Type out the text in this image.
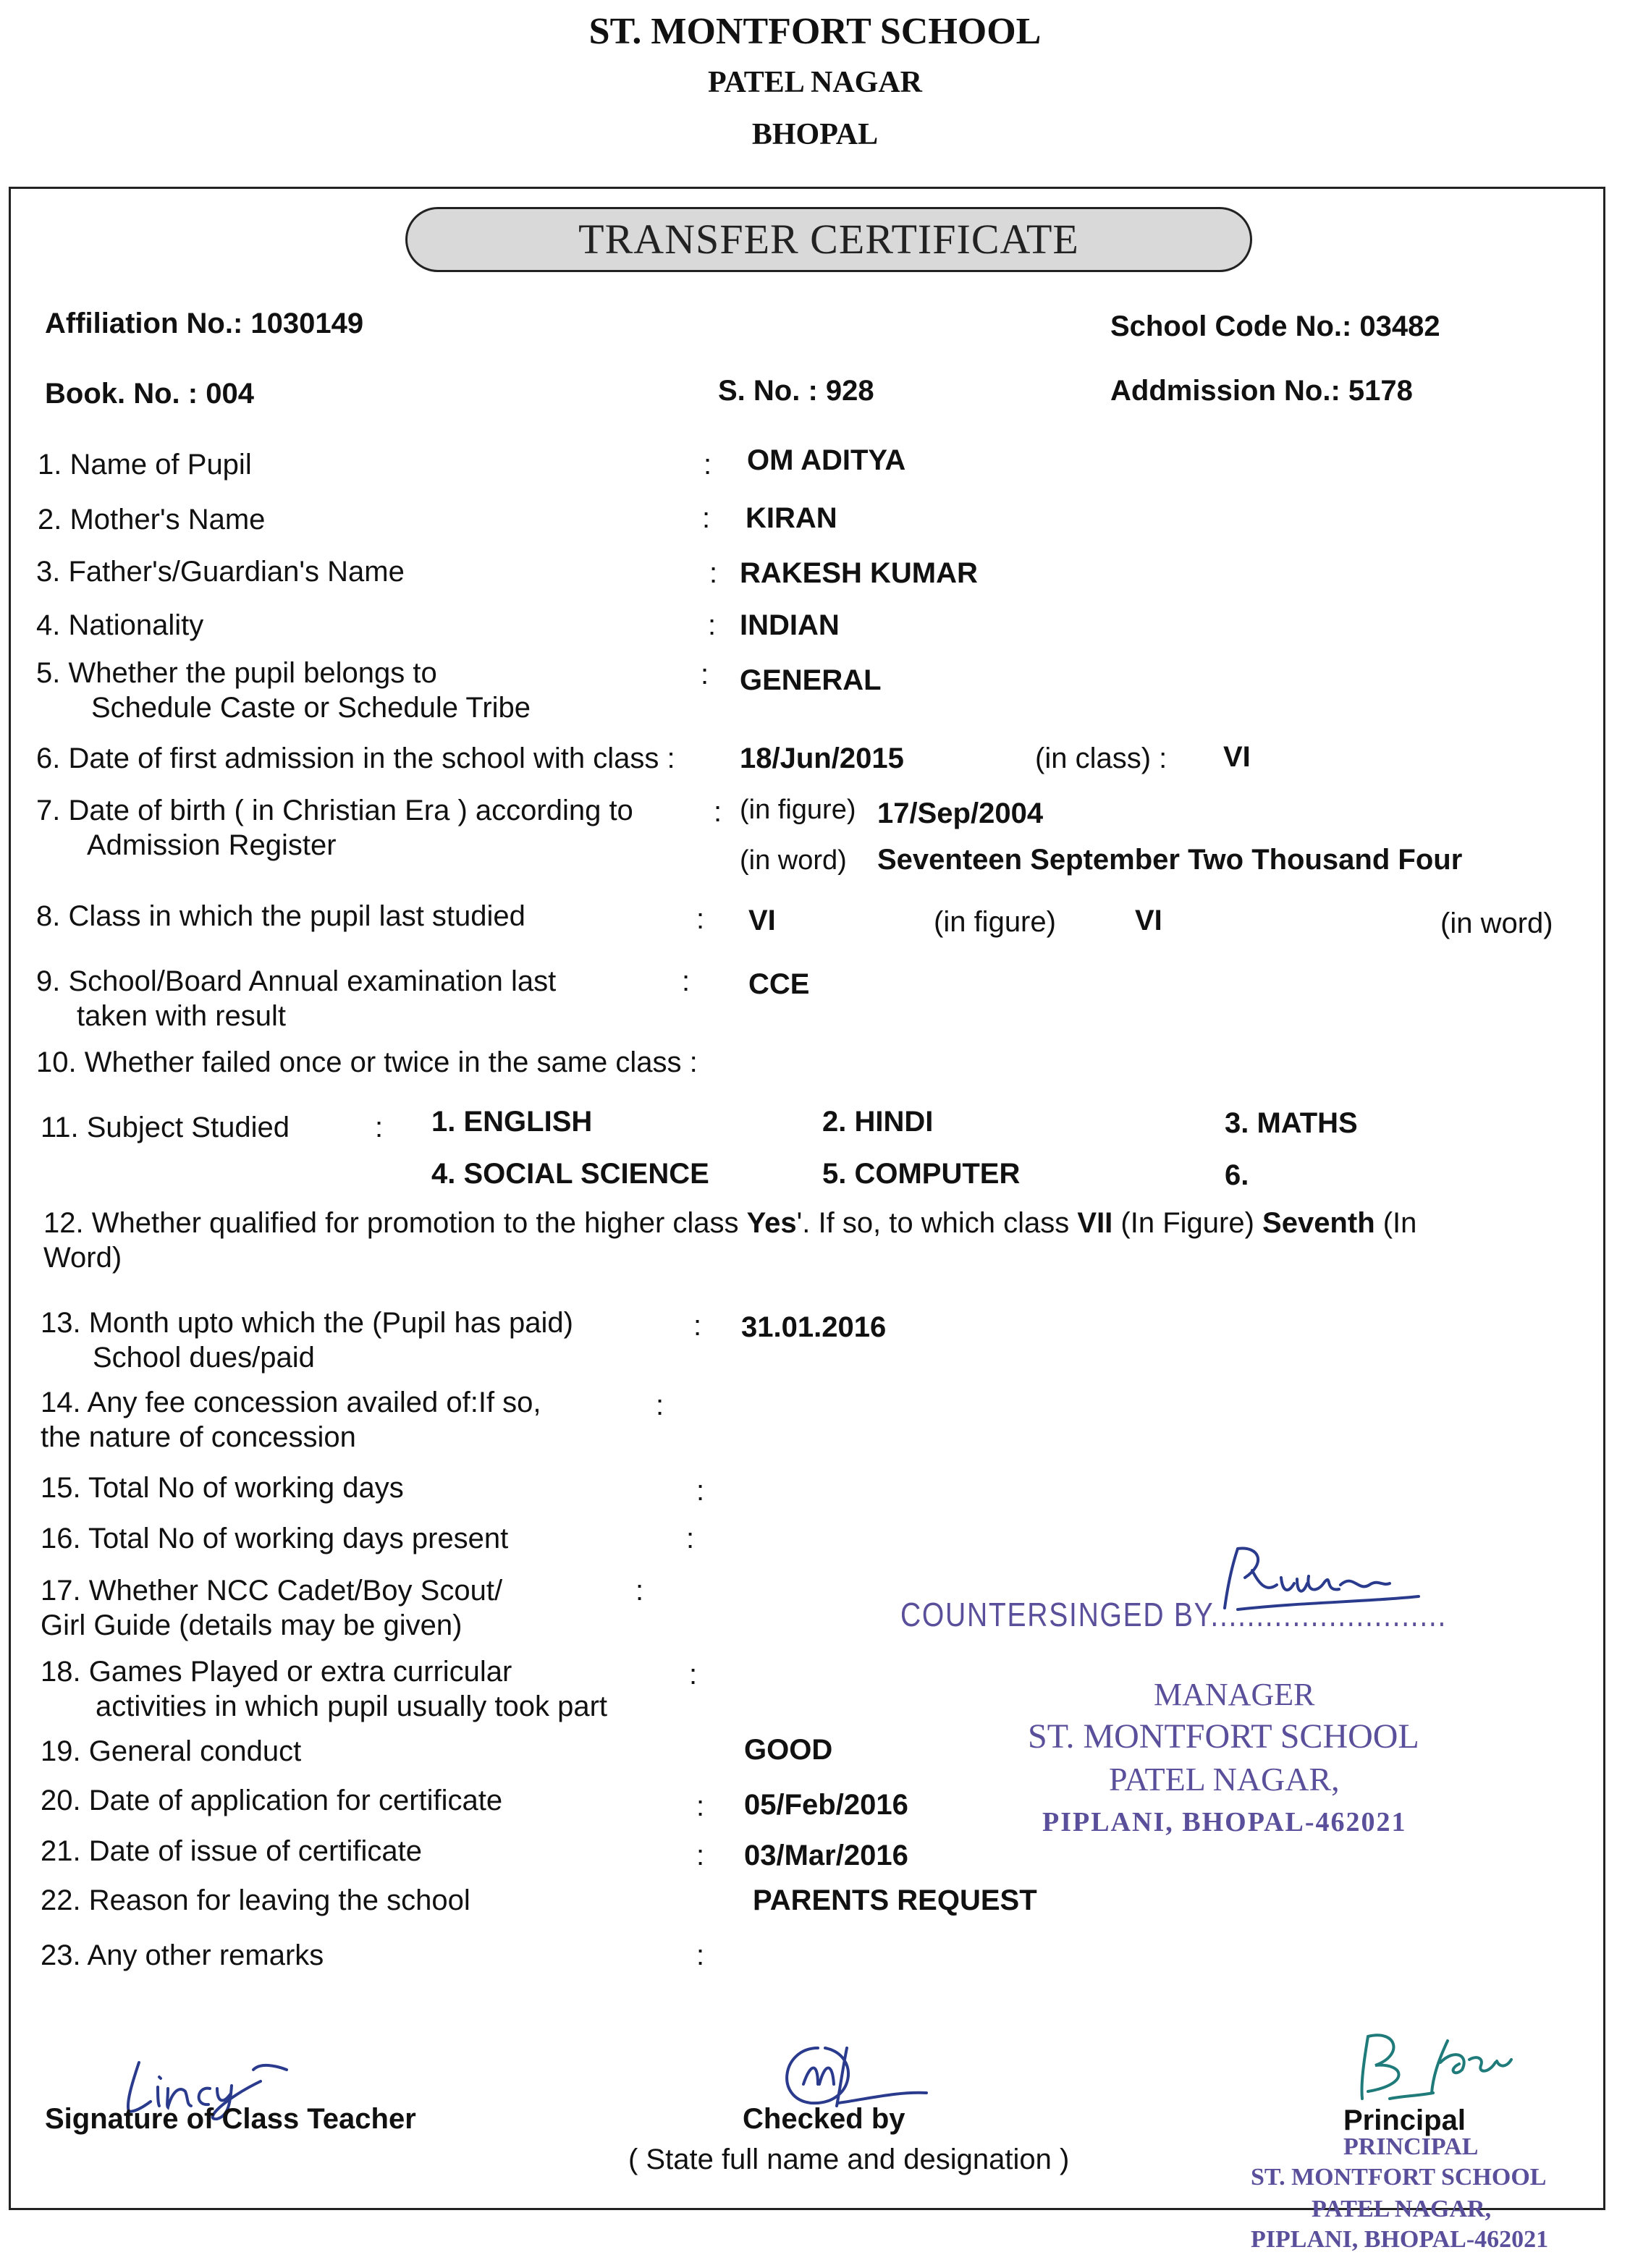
ST. MONTFORT SCHOOL
PATEL NAGAR
BHOPAL
TRANSFER CERTIFICATE
Affiliation No.: 1030149	School Code No.: 03482
Book. No. : 004	S. No. : 928	Addmission No.: 5178
1. Name of Pupil	: OM ADITYA
2. Mother's Name	: KIRAN
3. Father's/Guardian's Name	: RAKESH KUMAR
4. Nationality	: INDIAN
5. Whether the pupil belongs to
Schedule Caste or Schedule Tribe
: GENERAL
6. Date of first admission in the school with class : 18/Jun/2015	(in class) : VI
7. Date of birth ( in Christian Era ) according to
Admission Register
: (in figure) 17/Sep/2004
(in word) Seventeen September Two Thousand Four
8. Class in which the pupil last studied	: VI	(in figure)	VI	(in word)
9. School/Board Annual examination last
taken with result
: CCE
10. Whether failed once or twice in the same class :
11. Subject Studied	: 1. ENGLISH	2. HINDI	3. MATHS
4. SOCIAL SCIENCE	5. COMPUTER	6.
12. Whether qualified for promotion to the higher class Yes'. If so, to which class VII (In Figure) Seventh (In
Word)
13. Month upto which the (Pupil has paid)
School dues/paid
: 31.01.2016
14. Any fee concession availed of:If so,
the nature of concession
:
15. Total No of working days	:
16. Total No of working days present	:
17. Whether NCC Cadet/Boy Scout/
Girl Guide (details may be given)
:
18. Games Played or extra curricular
activities in which pupil usually took part
:
19. General conduct	GOOD
20. Date of application for certificate	: 05/Feb/2016
21. Date of issue of certificate	: 03/Mar/2016
22. Reason for leaving the school	PARENTS REQUEST
23. Any other remarks	:
COUNTERSINGED BY..........................
MANAGER
ST. MONTFORT SCHOOL
PATEL NAGAR,
PIPLANI, BHOPAL-462021
Signature of Class Teacher	Checked by
( State full name and designation )
Principal
PRINCIPAL
ST. MONTFORT SCHOOL
PATEL NAGAR,
PIPLANI, BHOPAL-462021
